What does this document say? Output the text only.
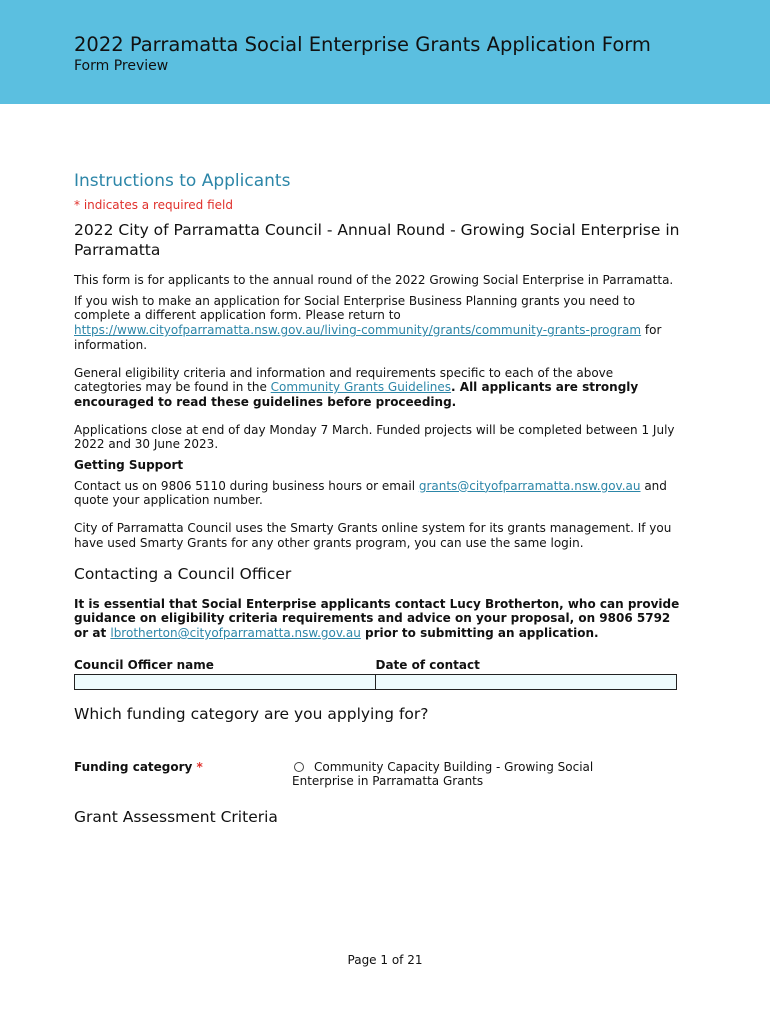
2022 Parramatta Social Enterprise Grants Application Form
Form Preview
Instructions to Applicants
* indicates a required field
2022 City of Parramatta Council - Annual Round - Growing Social Enterprise in Parramatta

This form is for applicants to the annual round of the 2022 Growing Social Enterprise in Parramatta.

If you wish to make an application for Social Enterprise Business Planning grants you need to complete a different application form. Please return to https://www.cityofparramatta.nsw.gov.au/living-community/grants/community-grants-program for information.

General eligibility criteria and information and requirements specific to each of the above categtories may be found in the Community Grants Guidelines. All applicants are strongly encouraged to read these guidelines before proceeding.

Applications close at end of day Monday 7 March. Funded projects will be completed between 1 July 2022 and 30 June 2023.

Getting Support

Contact us on 9806 5110 during business hours or email grants@cityofparramatta.nsw.gov.au and quote your application number.

City of Parramatta Council uses the Smarty Grants online system for its grants management. If you have used Smarty Grants for any other grants program, you can use the same login.

Contacting a Council Officer

It is essential that Social Enterprise applicants contact Lucy Brotherton, who can provide guidance on eligibility criteria requirements and advice on your proposal, on 9806 5792 or at lbrotherton@cityofparramatta.nsw.gov.au prior to submitting an application.

Council Officer name	Date of contact
Which funding category are you applying for?
Funding category *	Community Capacity Building - Growing Social Enterprise in Parramatta Grants
Grant Assessment Criteria
Page 1 of 21
